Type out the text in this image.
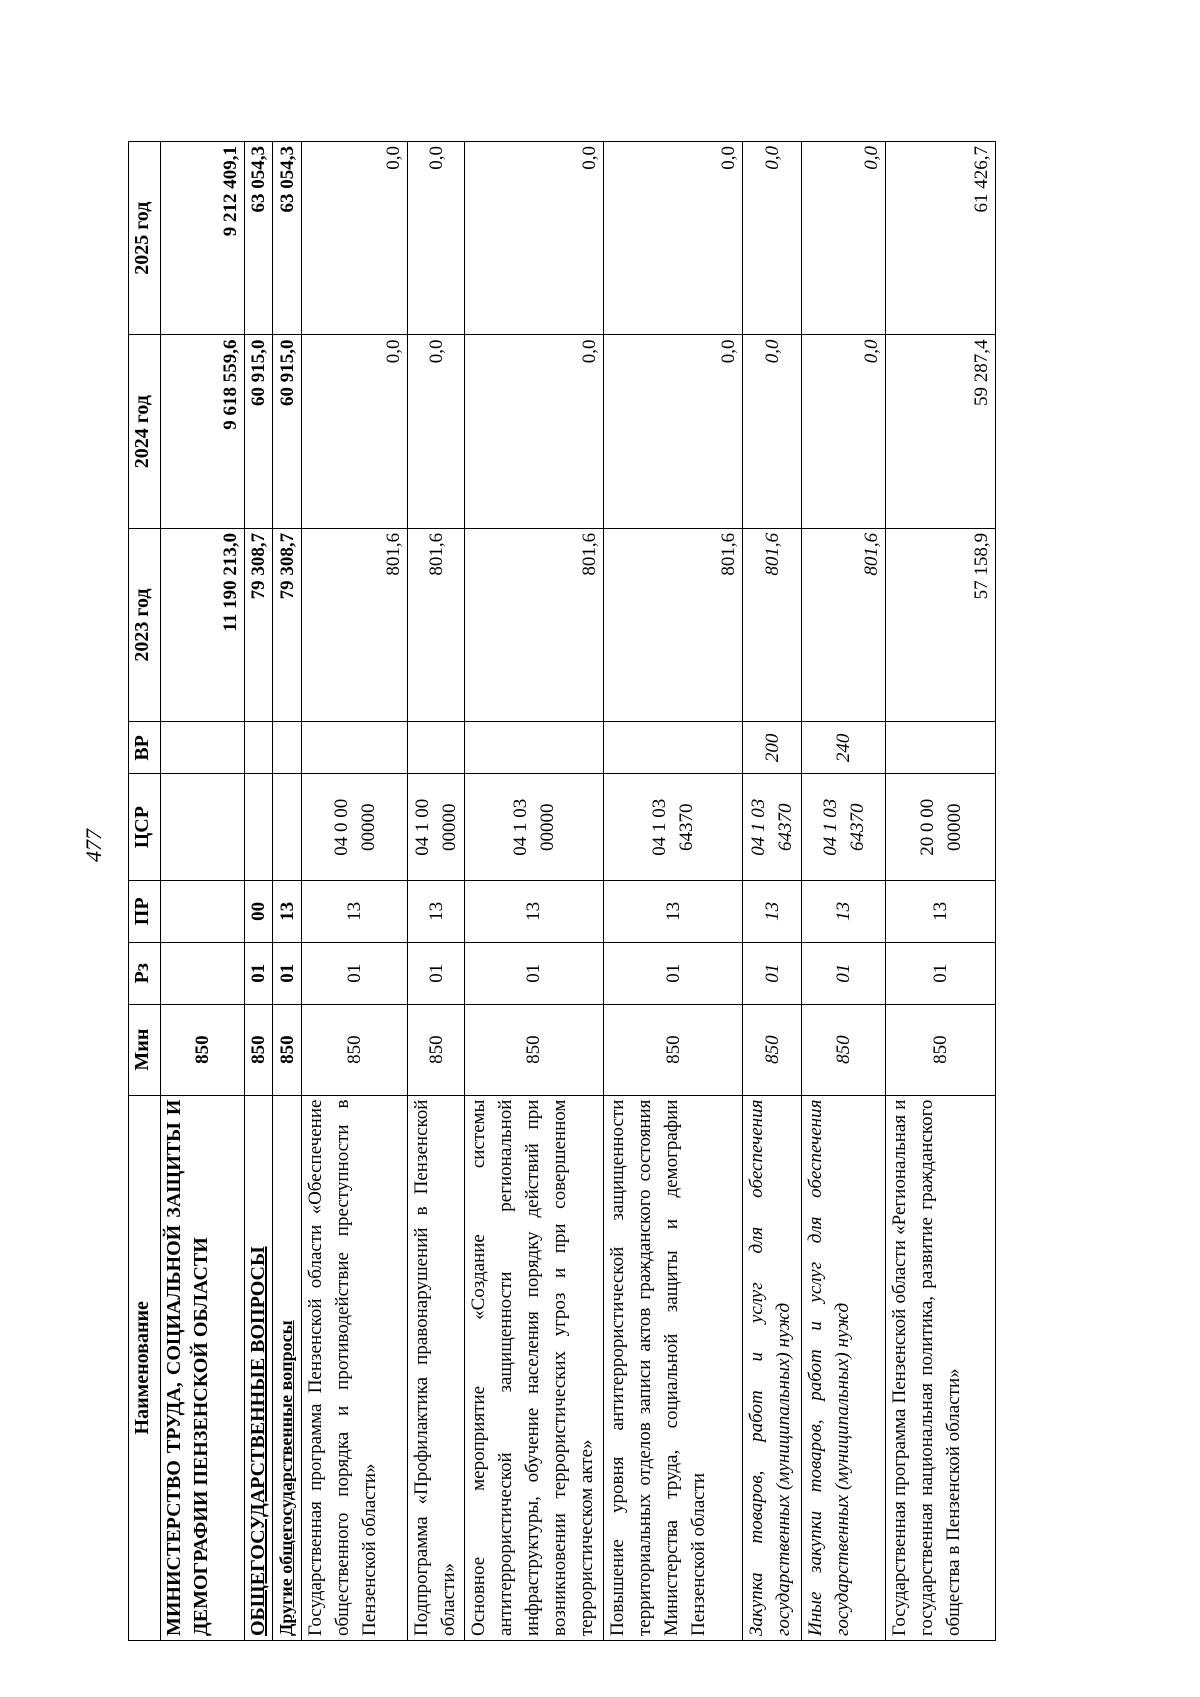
477
Наименование	Мин	Рз	ПР	ЦСР	ВР	2023 год	2024 год	2025 год
МИНИСТЕРСТВО ТРУДА, СОЦИАЛЬНОЙ ЗАЩИТЫ И ДЕМОГРАФИИ ПЕНЗЕНСКОЙ ОБЛАСТИ	850					11 190 213,0	9 618 559,6	9 212 409,1
ОБЩЕГОСУДАРСТВЕННЫЕ ВОПРОСЫ	850	01	00			79 308,7	60 915,0	63 054,3
Другие общегосударственные вопросы	850	01	13			79 308,7	60 915,0	63 054,3
Государственная программа Пензенской области «Обеспечение общественного порядка и противодействие преступности в Пензенской области»	850	01	13	04 0 00 00000		801,6	0,0	0,0
Подпрограмма «Профилактика правонарушений в Пензенской области»	850	01	13	04 1 00 00000		801,6	0,0	0,0
Основное мероприятие «Создание системы антитеррористической защищенности региональной инфраструктуры, обучение населения порядку действий при возникновении террористических угроз и при совершенном террористическом акте»	850	01	13	04 1 03 00000		801,6	0,0	0,0
Повышение уровня антитеррористической защищенности территориальных отделов записи актов гражданского состояния Министерства труда, социальной защиты и демографии Пензенской области	850	01	13	04 1 03 64370		801,6	0,0	0,0
Закупка товаров, работ и услуг для обеспечения государственных (муниципальных) нужд	850	01	13	04 1 03 64370	200	801,6	0,0	0,0
Иные закупки товаров, работ и услуг для обеспечения государственных (муниципальных) нужд	850	01	13	04 1 03 64370	240	801,6	0,0	0,0
Государственная программа Пензенской области «Региональная и государственная национальная политика, развитие гражданского общества в Пензенской области»	850	01	13	20 0 00 00000		57 158,9	59 287,4	61 426,7
